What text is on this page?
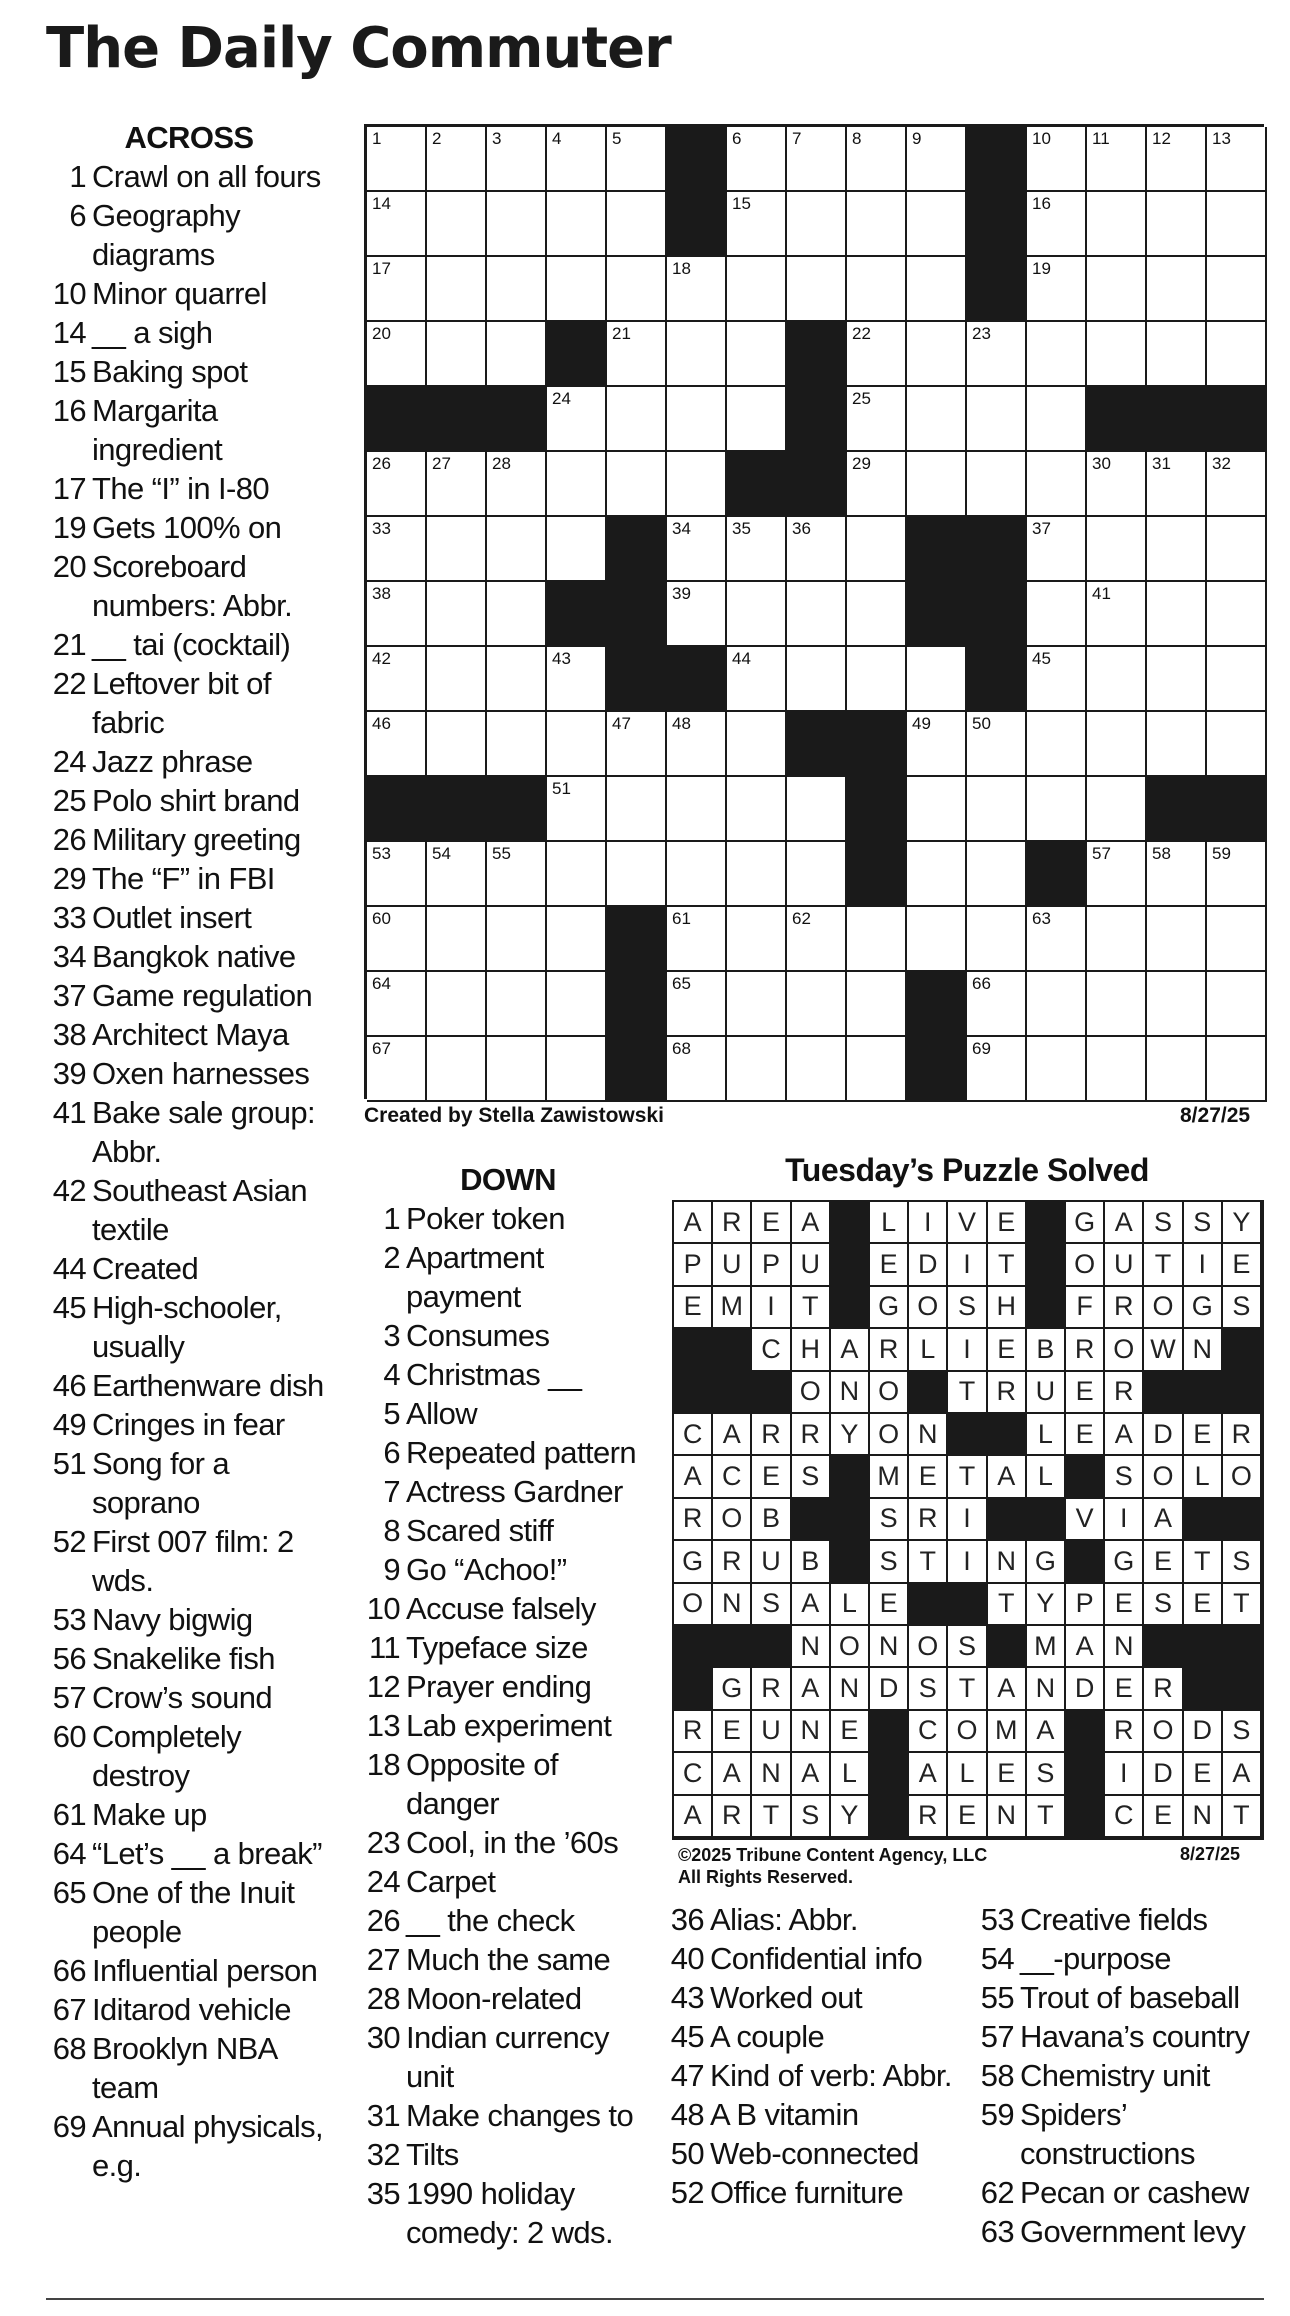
The Daily Commuter
ACROSS
1 Crawl on all fours
6 Geography diagrams
10 Minor quarrel
14 __ a sigh
15 Baking spot
16 Margarita ingredient
17 The “I” in I-80
19 Gets 100% on
20 Scoreboard numbers: Abbr.
21 __ tai (cocktail)
22 Leftover bit of fabric
24 Jazz phrase
25 Polo shirt brand
26 Military greeting
29 The “F” in FBI
33 Outlet insert
34 Bangkok native
37 Game regulation
38 Architect Maya
39 Oxen harnesses
41 Bake sale group: Abbr.
42 Southeast Asian textile
44 Created
45 High-schooler, usually
46 Earthenware dish
49 Cringes in fear
51 Song for a soprano
52 First 007 film: 2 wds.
53 Navy bigwig
56 Snakelike fish
57 Crow’s sound
60 Completely destroy
61 Make up
64 “Let’s __ a break”
65 One of the Inuit people
66 Influential person
67 Iditarod vehicle
68 Brooklyn NBA team
69 Annual physicals, e.g.
1	2	3	4	5	6	7	8	9	10 11 12 13
14	15	16
17	18	19
20	21	22	23
24	25
26 27 28	29	30 31 32
33	34 35 36	37
38	39	41
42	43	44	45
46	47 48	49 50
51
53 54 55	57 58 59
60	61	62	63
64	65	66
67	68	69
Created by Stella Zawistowski	8/27/25
DOWN
1 Poker token
2 Apartment payment
3 Consumes
4 Christmas __
5 Allow
6 Repeated pattern
7 Actress Gardner
8 Scared stiff
9 Go “Achoo!”
10 Accuse falsely
11 Typeface size
12 Prayer ending
13 Lab experiment
18 Opposite of danger
23 Cool, in the ’60s
24 Carpet
26 __ the check
27 Much the same
28 Moon-related
30 Indian currency unit
31 Make changes to
32 Tilts
35 1990 holiday comedy: 2 wds.
Tuesday’s Puzzle Solved
A R E A	L	I V E	G A S S Y
P U P U	E D I	T	O U T	I E
E M I	T	G O S H	F R O G S
C H A R L	I E B R O W N
O N O	T R U E R
C A R R Y O N	L E A D E R
A C E S	M E T A L	S O L O
R O B	S R I	V I A
G R U B	S T	I N G	G E T S
O N S A L E	T Y P E S E T
N O N O S	M A N
G R A N D S T A N D E R
R E U N E	C O M A	R O D S
C A N A L	A L E S	I D E A
A R T S Y	R E N T	C E N T
©2025 Tribune Content Agency, LLC
All Rights Reserved.
8/27/25
36 Alias: Abbr.
40 Confidential info
43 Worked out
45 A couple
47 Kind of verb: Abbr.
48 A B vitamin
50 Web-connected
52 Office furniture
53 Creative fields
54 __-purpose
55 Trout of baseball
57 Havana’s country
58 Chemistry unit
59 Spiders’ constructions
62 Pecan or cashew
63 Government levy
